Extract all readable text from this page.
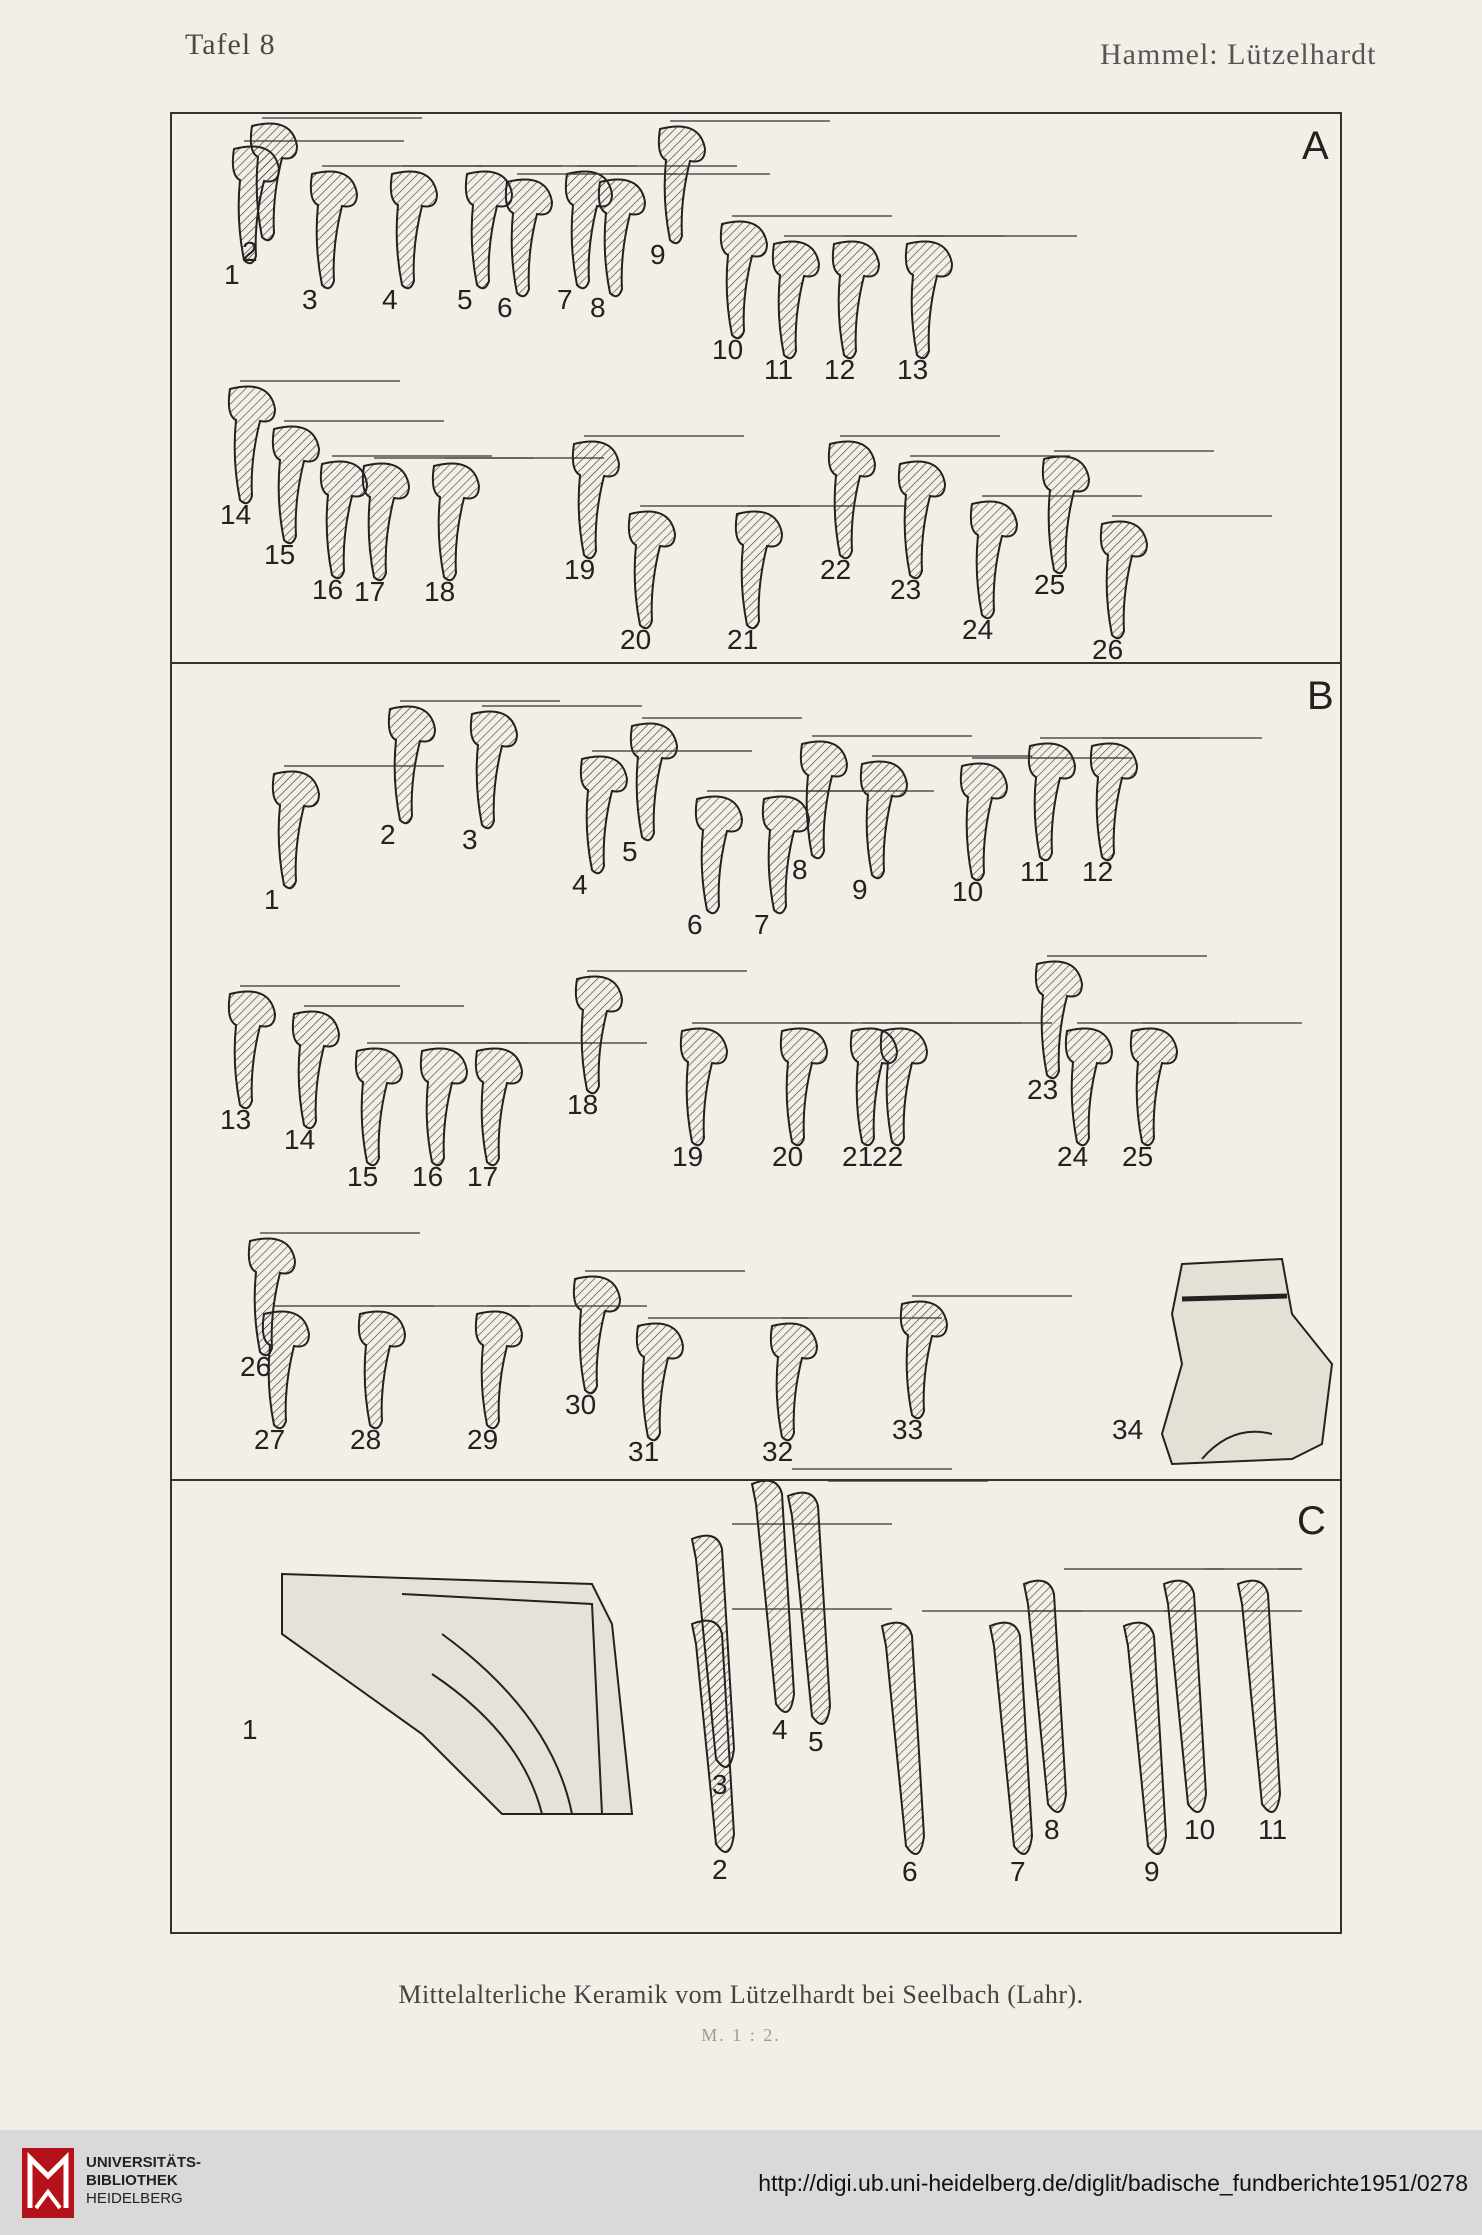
Tafel 8	Hammel: Lützelhardt
A
B
C
1
2
3 4 5 6 7 8
9
10
11 12 13
14
15
16 17 18
19
20	21
22
23
24
25
26
1
2 3
4
5
6 7
8
9	10
11 12
13
14
15 16 17
18
19 20 21
22
23
24 25
26
27 28	29
30
31	32
33	34
1
2
3
4 5
6	7
8
9
10 11
Mittelalterliche Keramik vom Lützelhardt bei Seelbach (Lahr).
M. 1 : 2.
UNIVERSITÄTS-
BIBLIOTHEK
HEIDELBERG
http://digi.ub.uni-heidelberg.de/diglit/badische_fundberichte1951/0278
